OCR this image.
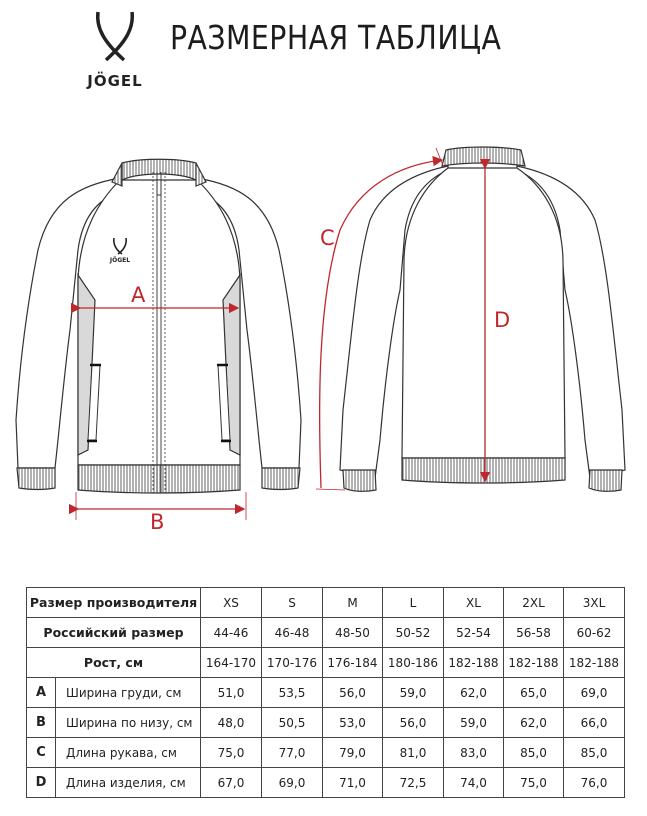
JÖGEL
РАЗМЕРНАЯ ТАБЛИЦА
JÖGEL
A
B
C
D
Размер производителя		XS	S	M	L	XL	2XL	3XL
Российский размер		44-46	46-48	48-50	50-52	52-54	56-58	60-62
Рост, см		164-170	170-176	176-184	180-186	182-188	182-188	182-188
A	Ширина груди, см	51,0	53,5	56,0	59,0	62,0	65,0	69,0
B	Ширина по низу, см	48,0	50,5	53,0	56,0	59,0	62,0	66,0
C	Длина рукава, см	75,0	77,0	79,0	81,0	83,0	85,0	85,0
D	Длина изделия, см	67,0	69,0	71,0	72,5	74,0	75,0	76,0
